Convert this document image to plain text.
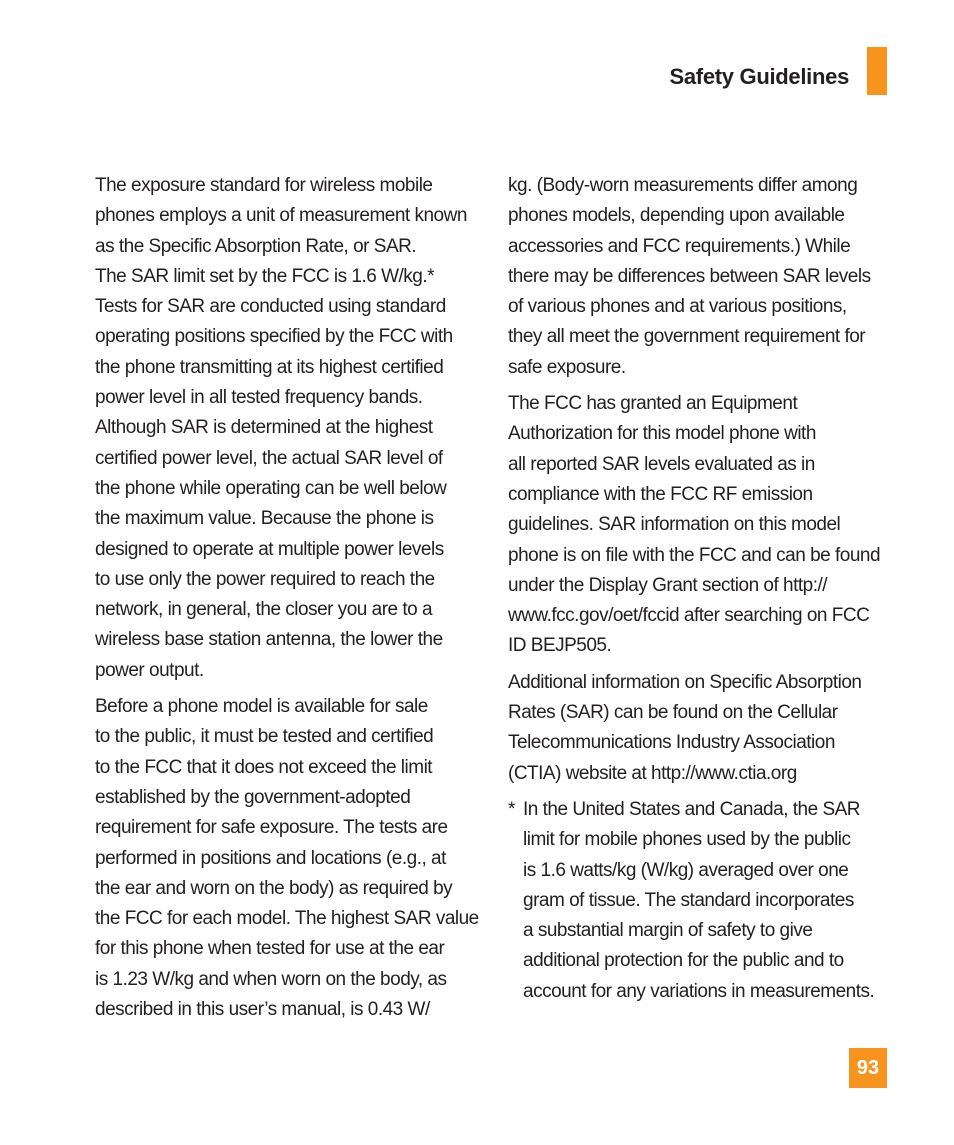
Safety Guidelines

The exposure standard for wireless mobile
phones employs a unit of measurement known
as the Specific Absorption Rate, or SAR.
The SAR limit set by the FCC is 1.6 W/kg.*
Tests for SAR are conducted using standard
operating positions specified by the FCC with
the phone transmitting at its highest certified
power level in all tested frequency bands.
Although SAR is determined at the highest
certified power level, the actual SAR level of
the phone while operating can be well below
the maximum value. Because the phone is
designed to operate at multiple power levels
to use only the power required to reach the
network, in general, the closer you are to a
wireless base station antenna, the lower the
power output.

Before a phone model is available for sale
to the public, it must be tested and certified
to the FCC that it does not exceed the limit
established by the government-adopted
requirement for safe exposure. The tests are
performed in positions and locations (e.g., at
the ear and worn on the body) as required by
the FCC for each model. The highest SAR value
for this phone when tested for use at the ear
is 1.23 W/kg and when worn on the body, as
described in this user’s manual, is 0.43 W/

kg. (Body-worn measurements differ among
phones models, depending upon available
accessories and FCC requirements.) While
there may be differences between SAR levels
of various phones and at various positions,
they all meet the government requirement for
safe exposure.

The FCC has granted an Equipment
Authorization for this model phone with
all reported SAR levels evaluated as in
compliance with the FCC RF emission
guidelines. SAR information on this model
phone is on file with the FCC and can be found
under the Display Grant section of http://
www.fcc.gov/oet/fccid after searching on FCC
ID BEJP505.

Additional information on Specific Absorption
Rates (SAR) can be found on the Cellular
Telecommunications Industry Association
(CTIA) website at http://www.ctia.org

* In the United States and Canada, the SAR
limit for mobile phones used by the public
is 1.6 watts/kg (W/kg) averaged over one
gram of tissue. The standard incorporates
a substantial margin of safety to give
additional protection for the public and to
account for any variations in measurements.

93
